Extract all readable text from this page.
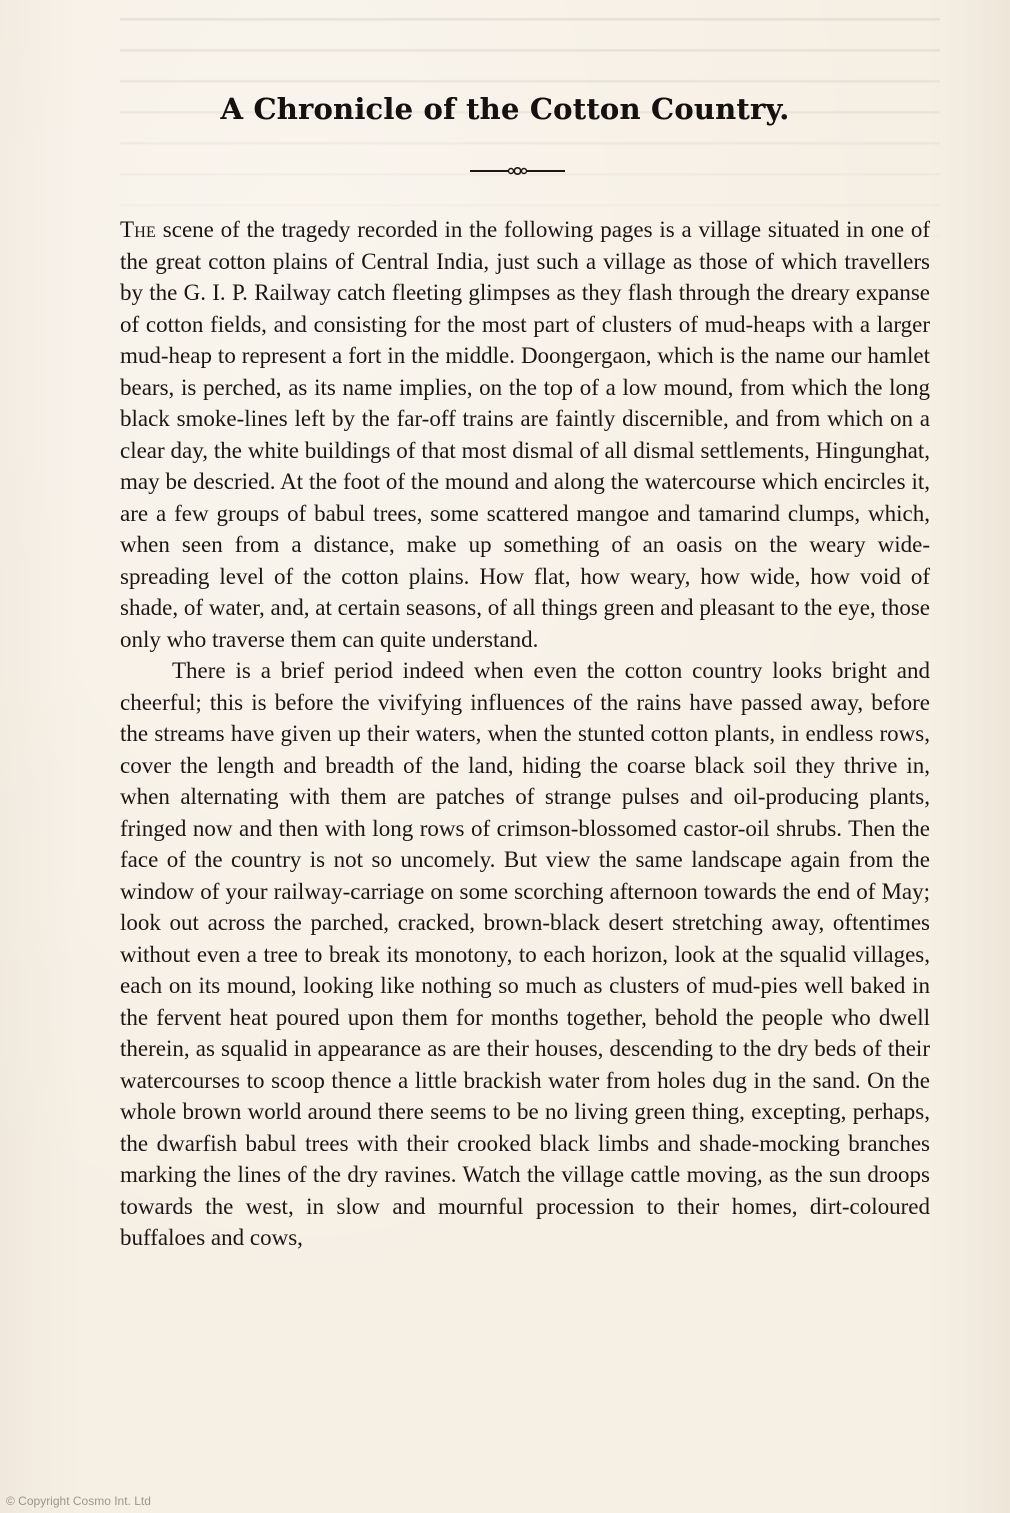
A Chronicle of the Cotton Country.

The scene of the tragedy recorded in the following pages is a village situated in one of the great cotton plains of Central India, just such a village as those of which travellers by the G. I. P. Railway catch fleeting glimpses as they flash through the dreary expanse of cotton fields, and consisting for the most part of clusters of mud-heaps with a larger mud-heap to represent a fort in the middle. Doongergaon, which is the name our hamlet bears, is perched, as its name implies, on the top of a low mound, from which the long black smoke-lines left by the far-off trains are faintly discernible, and from which on a clear day, the white buildings of that most dismal of all dismal settlements, Hingunghat, may be descried. At the foot of the mound and along the watercourse which encircles it, are a few groups of babul trees, some scattered mangoe and tamarind clumps, which, when seen from a distance, make up something of an oasis on the weary wide-spreading level of the cotton plains. How flat, how weary, how wide, how void of shade, of water, and, at certain seasons, of all things green and pleasant to the eye, those only who traverse them can quite understand.

There is a brief period indeed when even the cotton country looks bright and cheerful; this is before the vivifying influences of the rains have passed away, before the streams have given up their waters, when the stunted cotton plants, in endless rows, cover the length and breadth of the land, hiding the coarse black soil they thrive in, when alternating with them are patches of strange pulses and oil-producing plants, fringed now and then with long rows of crimson-blossomed castor-oil shrubs. Then the face of the country is not so uncomely. But view the same landscape again from the window of your railway-carriage on some scorching afternoon towards the end of May; look out across the parched, cracked, brown-black desert stretching away, oftentimes without even a tree to break its monotony, to each horizon, look at the squalid villages, each on its mound, looking like nothing so much as clusters of mud-pies well baked in the fervent heat poured upon them for months together, behold the people who dwell therein, as squalid in appearance as are their houses, descending to the dry beds of their watercourses to scoop thence a little brackish water from holes dug in the sand. On the whole brown world around there seems to be no living green thing, excepting, perhaps, the dwarfish babul trees with their crooked black limbs and shade-mocking branches marking the lines of the dry ravines. Watch the village cattle moving, as the sun droops towards the west, in slow and mournful procession to their homes, dirt-coloured buffaloes and cows,

© Copyright Cosmo Int. Ltd
